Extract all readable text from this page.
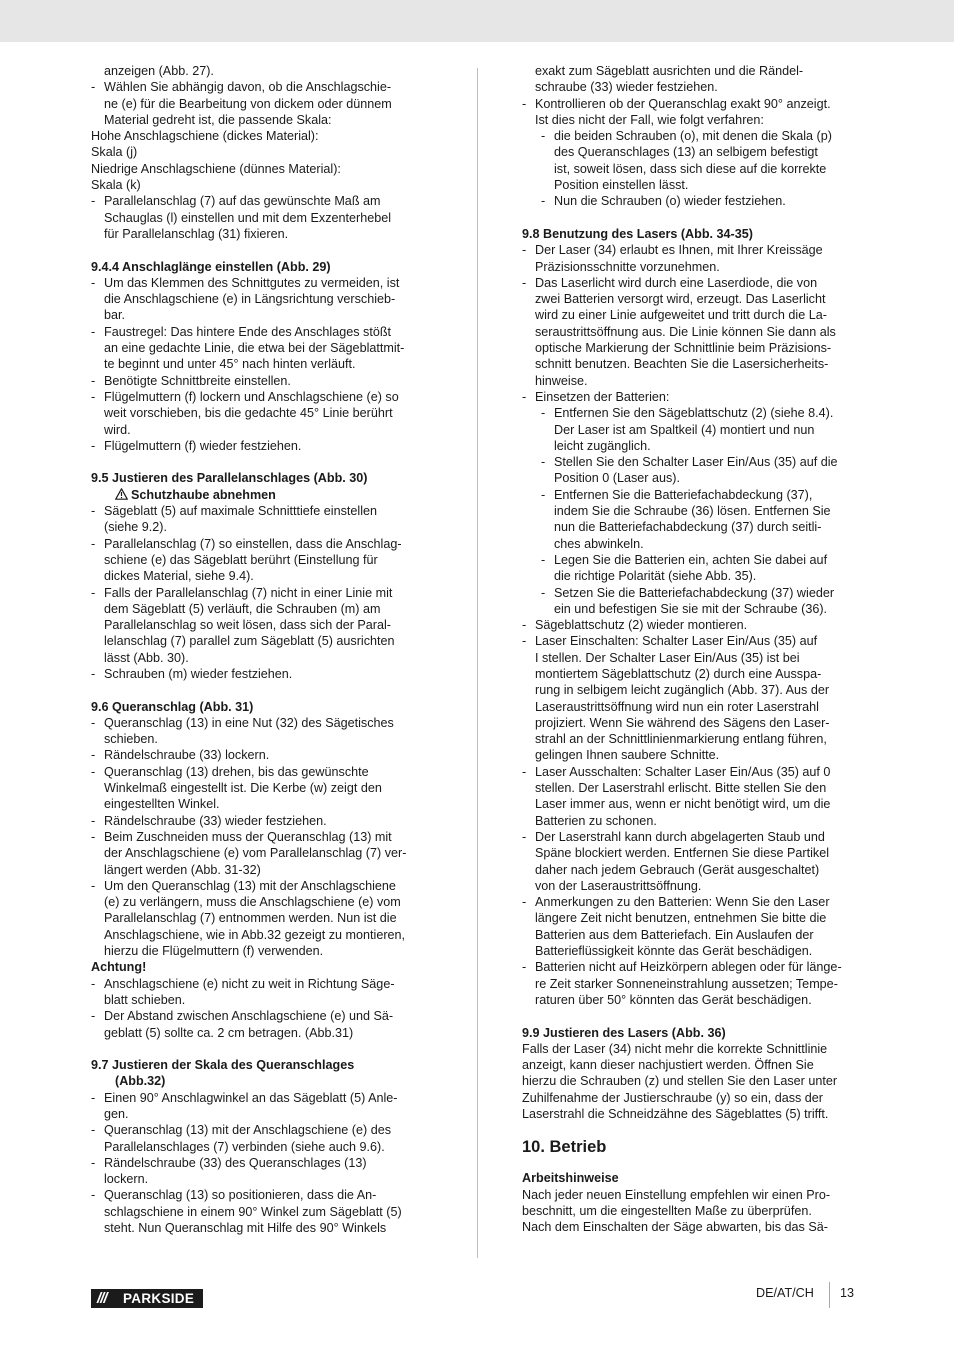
anzeigen (Abb. 27).

- Wählen Sie abhängig davon, ob die Anschlagschie-

ne (e) für die Bearbeitung von dickem oder dünnem

Material gedreht ist, die passende Skala:

Hohe Anschlagschiene (dickes Material):

Skala (j)

Niedrige Anschlagschiene (dünnes Material):

Skala (k)

- Parallelanschlag (7) auf das gewünschte Maß am

Schauglas (l) einstellen und mit dem Exzenterhebel

für Parallelanschlag (31) fixieren.

9.4.4 Anschlaglänge einstellen (Abb. 29)

- Um das Klemmen des Schnittgutes zu vermeiden, ist

die Anschlagschiene (e) in Längsrichtung verschieb-

bar.

- Faustregel: Das hintere Ende des Anschlages stößt

an eine gedachte Linie, die etwa bei der Sägeblattmit-

te beginnt und unter 45° nach hinten verläuft.

- Benötigte Schnittbreite einstellen.

- Flügelmuttern (f) lockern und Anschlagschiene (e) so

weit vorschieben, bis die gedachte 45° Linie berührt

wird.

- Flügelmuttern (f) wieder festziehen.

9.5 Justieren des Parallelanschlages (Abb. 30)

Schutzhaube abnehmen

- Sägeblatt (5) auf maximale Schnitttiefe einstellen

(siehe 9.2).

- Parallelanschlag (7) so einstellen, dass die Anschlag-

schiene (e) das Sägeblatt berührt (Einstellung für

dickes Material, siehe 9.4).

- Falls der Parallelanschlag (7) nicht in einer Linie mit

dem Sägeblatt (5) verläuft, die Schrauben (m) am

Parallelanschlag so weit lösen, dass sich der Paral-

lelanschlag (7) parallel zum Sägeblatt (5) ausrichten

lässt (Abb. 30).

- Schrauben (m) wieder festziehen.

9.6 Queranschlag (Abb. 31)

- Queranschlag (13) in eine Nut (32) des Sägetisches

schieben.

- Rändelschraube (33) lockern.

- Queranschlag (13) drehen, bis das gewünschte

Winkelmaß eingestellt ist. Die Kerbe (w) zeigt den

eingestellten Winkel.

- Rändelschraube (33) wieder festziehen.

- Beim Zuschneiden muss der Queranschlag (13) mit

der Anschlagschiene (e) vom Parallelanschlag (7) ver-

längert werden (Abb. 31-32)

- Um den Queranschlag (13) mit der Anschlagschiene

(e) zu verlängern, muss die Anschlagschiene (e) vom

Parallelanschlag (7) entnommen werden. Nun ist die

Anschlagschiene, wie in Abb.32 gezeigt zu montieren,

hierzu die Flügelmuttern (f) verwenden.

Achtung!

- Anschlagschiene (e) nicht zu weit in Richtung Säge-

blatt schieben.

- Der Abstand zwischen Anschlagschiene (e) und Sä-

geblatt (5) sollte ca. 2 cm betragen. (Abb.31)

9.7 Justieren der Skala des Queranschlages

(Abb.32)

- Einen 90° Anschlagwinkel an das Sägeblatt (5) Anle-

gen.

- Queranschlag (13) mit der Anschlagschiene (e) des

Parallelanschlages (7) verbinden (siehe auch 9.6).

- Rändelschraube (33) des Queranschlages (13)

lockern.

- Queranschlag (13) so positionieren, dass die An-

schlagschiene in einem 90° Winkel zum Sägeblatt (5)

steht. Nun Queranschlag mit Hilfe des 90° Winkels

exakt zum Sägeblatt ausrichten und die Rändel-

schraube (33) wieder festziehen.

- Kontrollieren ob der Queranschlag exakt 90° anzeigt.

Ist dies nicht der Fall, wie folgt verfahren:

- die beiden Schrauben (o), mit denen die Skala (p)

des Queranschlages (13) an selbigem befestigt

ist, soweit lösen, dass sich diese auf die korrekte

Position einstellen lässt.

- Nun die Schrauben (o) wieder festziehen.

9.8 Benutzung des Lasers (Abb. 34-35)

- Der Laser (34) erlaubt es Ihnen, mit Ihrer Kreissäge

Präzisionsschnitte vorzunehmen.

- Das Laserlicht wird durch eine Laserdiode, die von

zwei Batterien versorgt wird, erzeugt. Das Laserlicht

wird zu einer Linie aufgeweitet und tritt durch die La-

seraustrittsöffnung aus. Die Linie können Sie dann als

optische Markierung der Schnittlinie beim Präzisions-

schnitt benutzen. Beachten Sie die Lasersicherheits-

hinweise.

- Einsetzen der Batterien:

- Entfernen Sie den Sägeblattschutz (2) (siehe 8.4).

Der Laser ist am Spaltkeil (4) montiert und nun

leicht zugänglich.

- Stellen Sie den Schalter Laser Ein/Aus (35) auf die

Position 0 (Laser aus).

- Entfernen Sie die Batteriefachabdeckung (37),

indem Sie die Schraube (36) lösen. Entfernen Sie

nun die Batteriefachabdeckung (37) durch seitli-

ches abwinkeln.

- Legen Sie die Batterien ein, achten Sie dabei auf

die richtige Polarität (siehe Abb. 35).

- Setzen Sie die Batteriefachabdeckung (37) wieder

ein und befestigen Sie sie mit der Schraube (36).

- Sägeblattschutz (2) wieder montieren.

- Laser Einschalten: Schalter Laser Ein/Aus (35) auf

I stellen. Der Schalter Laser Ein/Aus (35) ist bei

montiertem Sägeblattschutz (2) durch eine Ausspa-

rung in selbigem leicht zugänglich (Abb. 37). Aus der

Laseraustrittsöffnung wird nun ein roter Laserstrahl

projiziert. Wenn Sie während des Sägens den Laser-

strahl an der Schnittlinienmarkierung entlang führen,

gelingen Ihnen saubere Schnitte.

- Laser Ausschalten: Schalter Laser Ein/Aus (35) auf 0

stellen. Der Laserstrahl erlischt. Bitte stellen Sie den

Laser immer aus, wenn er nicht benötigt wird, um die

Batterien zu schonen.

- Der Laserstrahl kann durch abgelagerten Staub und

Späne blockiert werden. Entfernen Sie diese Partikel

daher nach jedem Gebrauch (Gerät ausgeschaltet)

von der Laseraustrittsöffnung.

- Anmerkungen zu den Batterien: Wenn Sie den Laser

längere Zeit nicht benutzen, entnehmen Sie bitte die

Batterien aus dem Batteriefach. Ein Auslaufen der

Batterieflüssigkeit könnte das Gerät beschädigen.

- Batterien nicht auf Heizkörpern ablegen oder für länge-

re Zeit starker Sonneneinstrahlung aussetzen; Tempe-

raturen über 50° könnten das Gerät beschädigen.

9.9 Justieren des Lasers (Abb. 36)

Falls der Laser (34) nicht mehr die korrekte Schnittlinie

anzeigt, kann dieser nachjustiert werden. Öffnen Sie

hierzu die Schrauben (z) und stellen Sie den Laser unter

Zuhilfenahme der Justierschraube (y) so ein, dass der

Laserstrahl die Schneidzähne des Sägeblattes (5) trifft.

10. Betrieb

Arbeitshinweise

Nach jeder neuen Einstellung empfehlen wir einen Pro-

beschnitt, um die eingestellten Maße zu überprüfen.

Nach dem Einschalten der Säge abwarten, bis das Sä-

///	PARKSIDE	DE/AT/CH 13
